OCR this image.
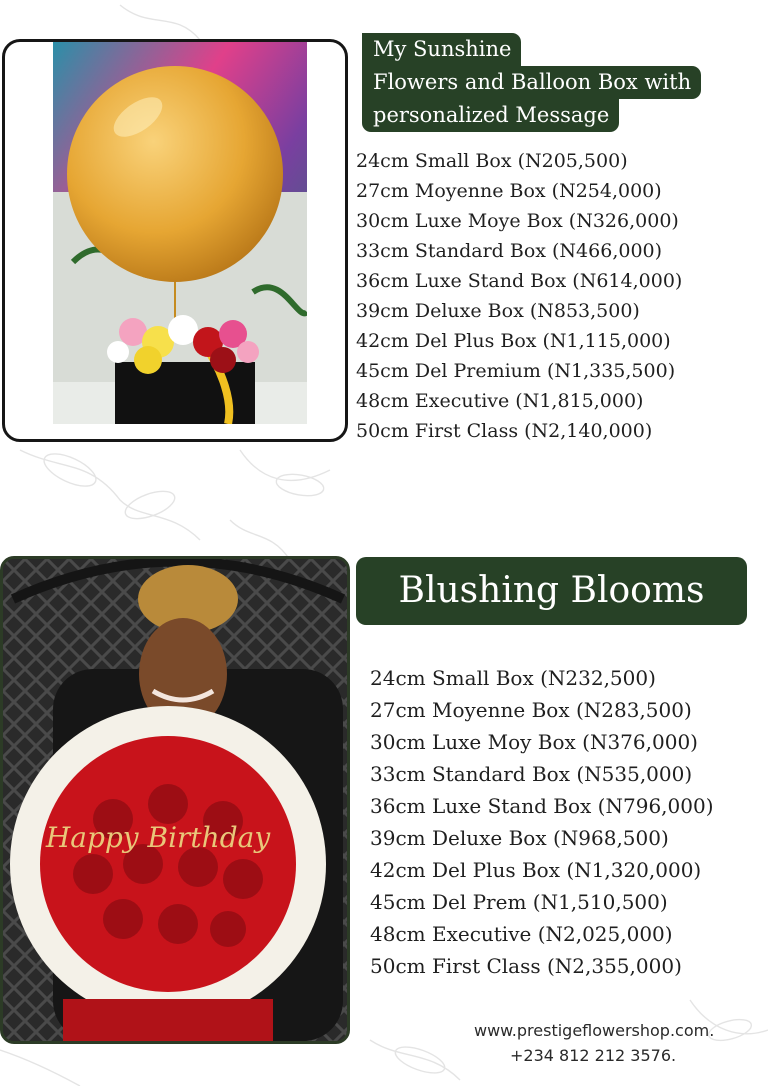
My Sunshine
Flowers and Balloon Box with
personalized Message
24cm Small Box (N205,500)
27cm Moyenne Box (N254,000)
30cm Luxe Moye Box (N326,000)
33cm Standard Box (N466,000)
36cm Luxe Stand Box (N614,000)
39cm Deluxe Box (N853,500)
42cm Del Plus Box (N1,115,000)
45cm Del Premium (N1,335,500)
48cm Executive (N1,815,000)
50cm First Class (N2,140,000)
Happy Birthday
Blushing Blooms
24cm Small Box (N232,500)
27cm Moyenne Box (N283,500)
30cm Luxe Moy Box (N376,000)
33cm Standard Box (N535,000)
36cm Luxe Stand Box (N796,000)
39cm Deluxe Box (N968,500)
42cm Del Plus Box (N1,320,000)
45cm Del Prem (N1,510,500)
48cm Executive (N2,025,000)
50cm First Class (N2,355,000)
www.prestigeflowershop.com.
+234 812 212 3576.
